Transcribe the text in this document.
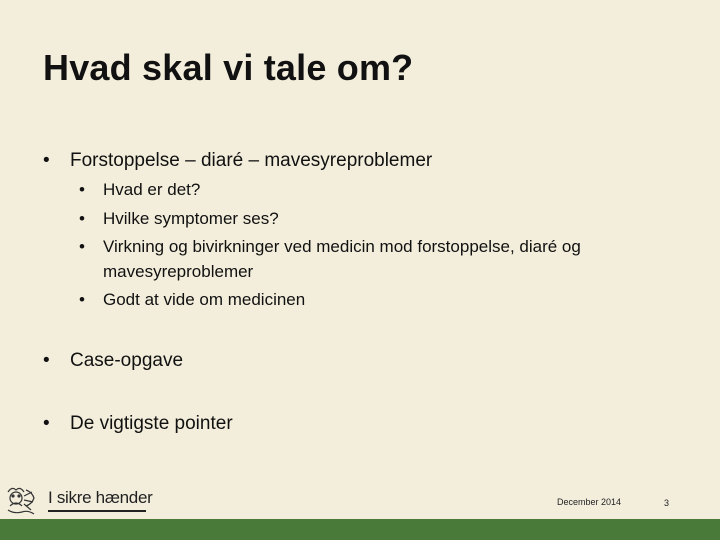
Hvad skal vi tale om?
• Forstoppelse – diaré – mavesyreproblemer
• Hvad er det?
• Hvilke symptomer ses?
• Virkning og bivirkninger ved medicin mod forstoppelse, diaré og
mavesyreproblemer
• Godt at vide om medicinen
• Case-opgave
• De vigtigste pointer
I sikre hænder	December 2014	3
